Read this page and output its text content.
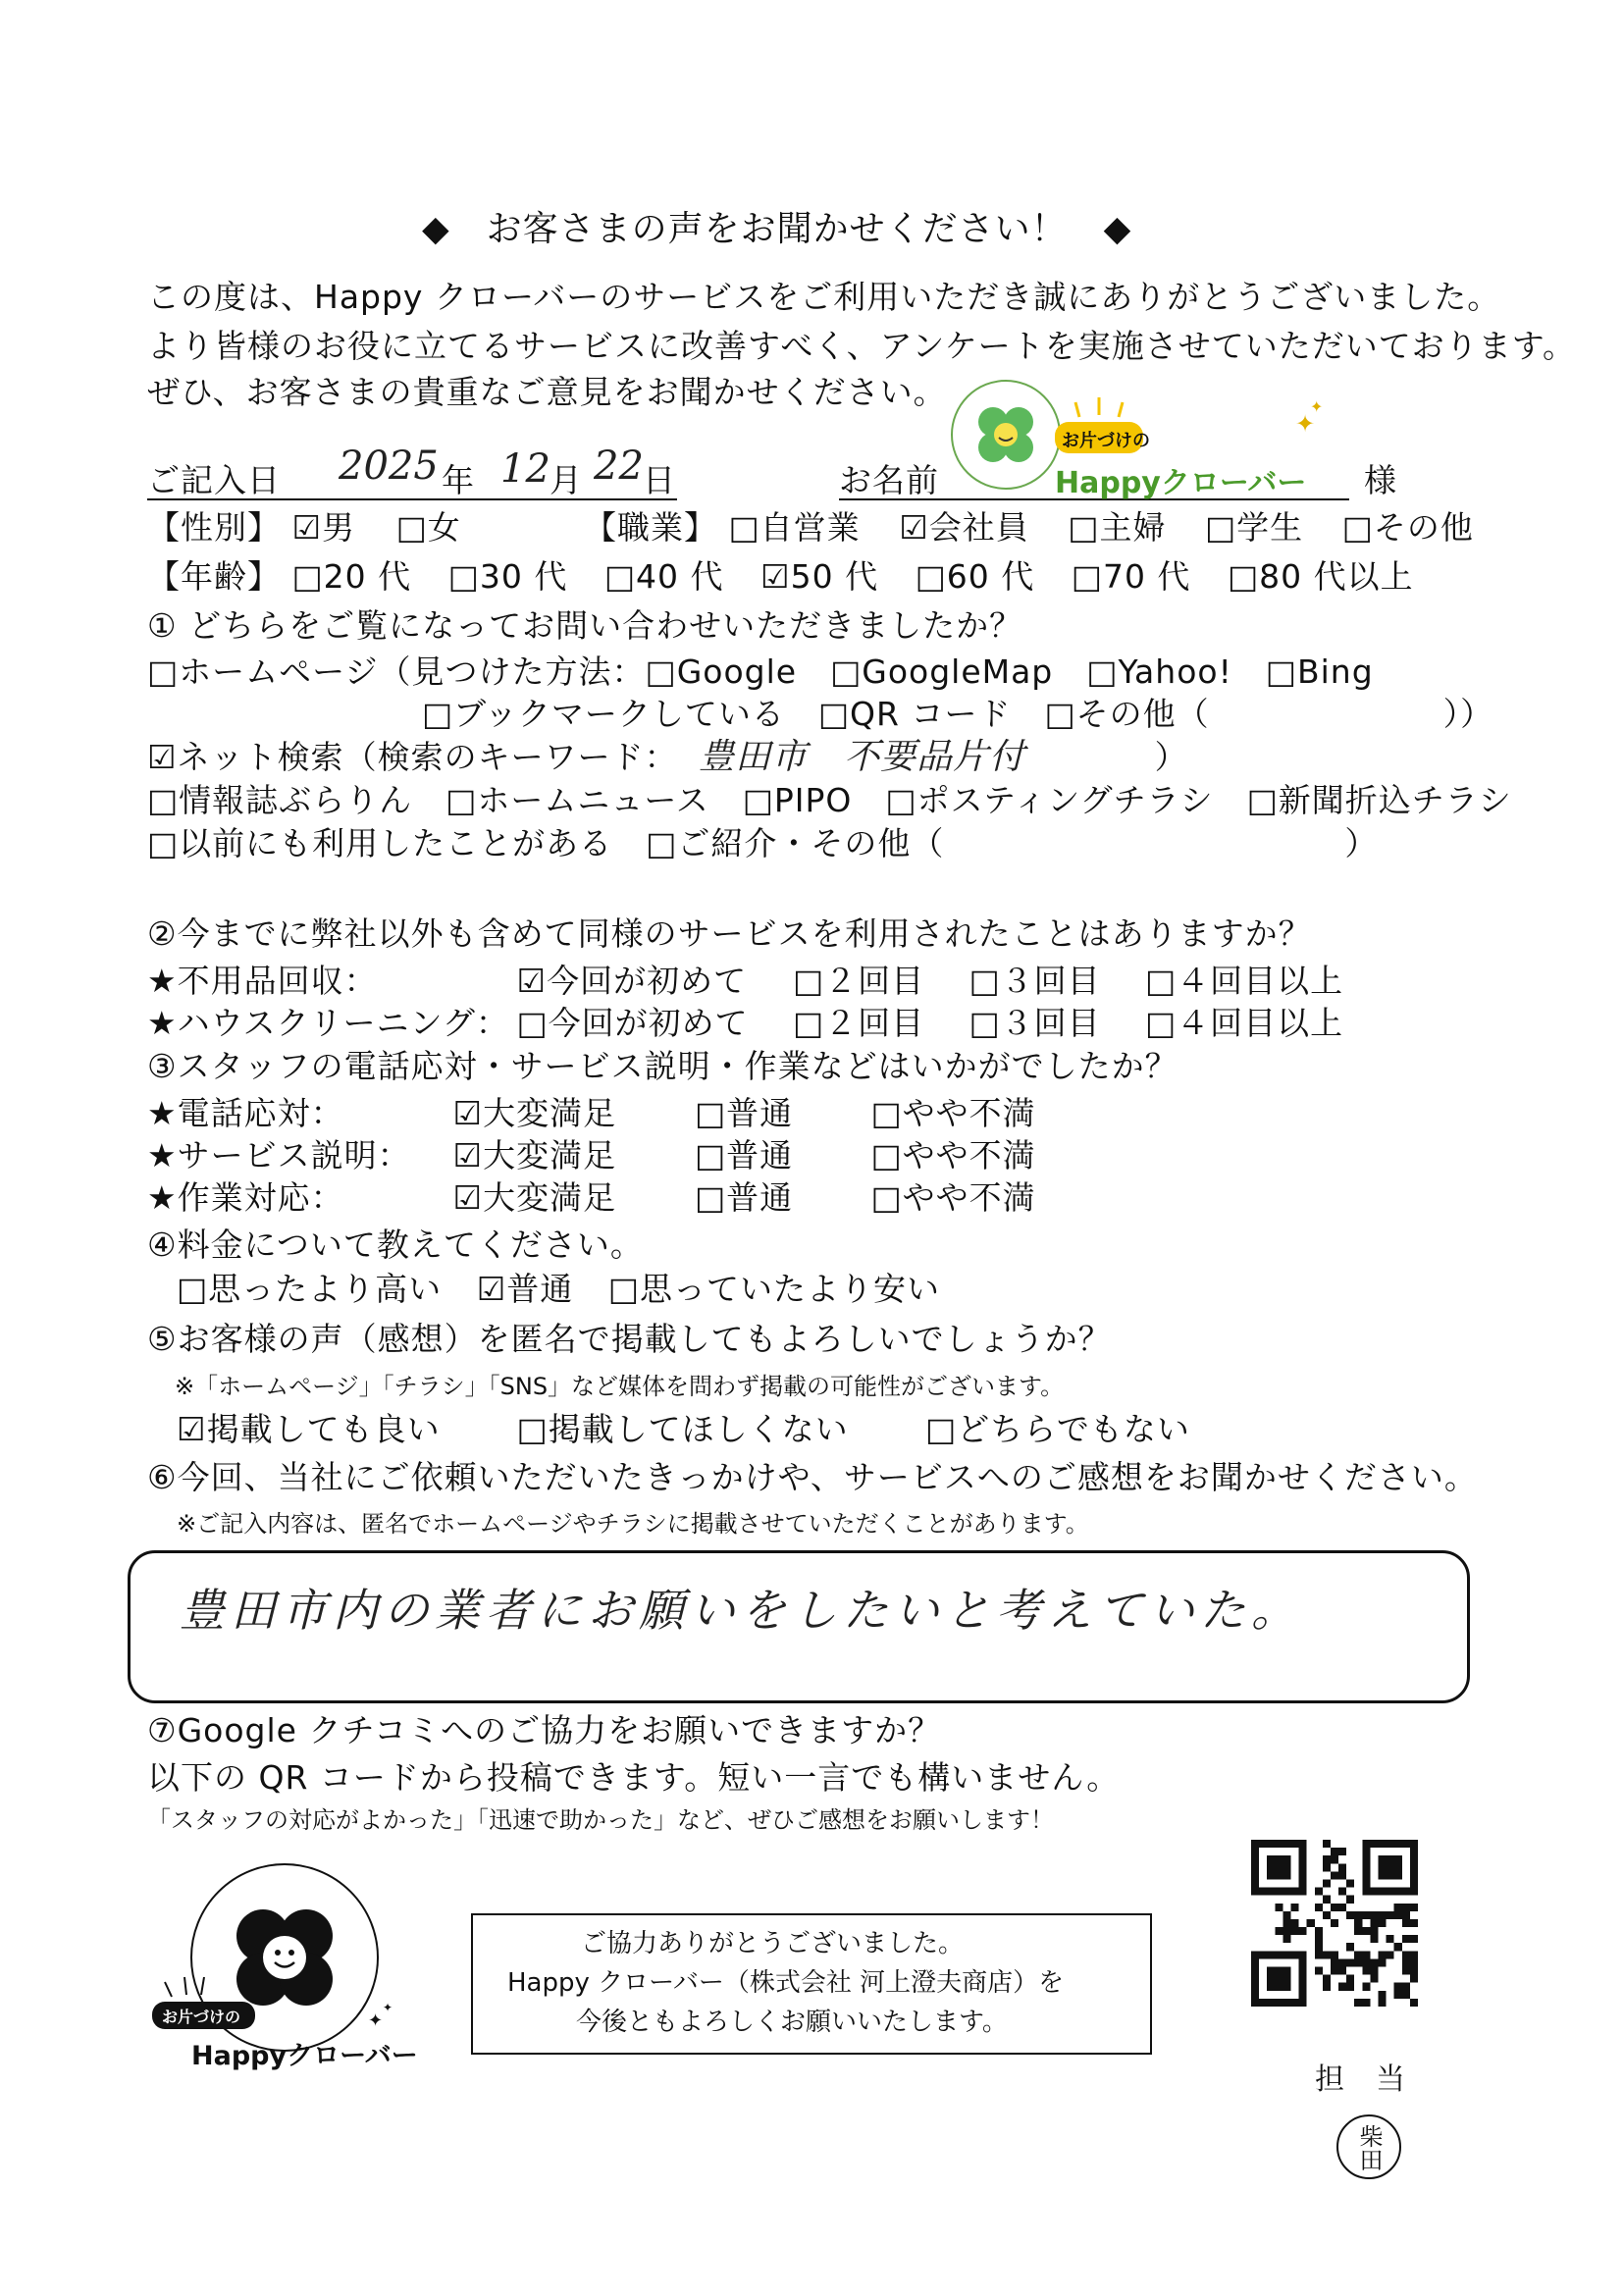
◆　お客さまの声をお聞かせください！　◆
この度は、Happy クローバーのサービスをご利用いただき誠にありがとうございました。
より皆様のお役に立てるサービスに改善すべく、アンケートを実施させていただいております。
ぜひ、お客さまの貴重なご意見をお聞かせください。
ご記入日 2025 年 12 月 22 日	お名前	様
✦
✦
お片づけの
Happyクローバー
【性別】 ☑男 □女	【職業】 □自営業 ☑会社員 □主婦 □学生 □その他
【年齢】 □20 代 □30 代 □40 代 ☑50 代 □60 代 □70 代 □80 代以上
① どちらをご覧になってお問い合わせいただきましたか？
□ホームページ（見つけた方法：□Google　□GoogleMap　□Yahoo!　□Bing
□ブックマークしている　□QR コード　□その他（　　　　　　　））
☑ネット検索（検索のキーワード： 豊田市　不要品片付	）
□情報誌ぶらりん　□ホームニュース　□PIPO　□ポスティングチラシ　□新聞折込チラシ
□以前にも利用したことがある　□ご紹介・その他（　　　　　　　　　　　　）
②今までに弊社以外も含めて同様のサービスを利用されたことはありますか？
★不用品回収：	☑今回が初めて □２回目 □３回目 □４回目以上
★ハウスクリーニング： □今回が初めて □２回目 □３回目 □４回目以上
③スタッフの電話応対・サービス説明・作業などはいかがでしたか？
★電話応対：	☑大変満足 □普通 □やや不満
★サービス説明： ☑大変満足 □普通 □やや不満
★作業対応：	☑大変満足 □普通 □やや不満
④料金について教えてください。
□思ったより高い ☑普通 □思っていたより安い
⑤お客様の声（感想）を匿名で掲載してもよろしいでしょうか？
※「ホームページ」「チラシ」「SNS」など媒体を問わず掲載の可能性がございます。
☑掲載しても良い □掲載してほしくない □どちらでもない
⑥今回、当社にご依頼いただいたきっかけや、サービスへのご感想をお聞かせください。
※ご記入内容は、匿名でホームページやチラシに掲載させていただくことがあります。
豊田市内の業者にお願いをしたいと考えていた。
⑦Google クチコミへのご協力をお願いできますか？
以下の QR コードから投稿できます。短い一言でも構いません。
「スタッフの対応がよかった」「迅速で助かった」など、ぜひご感想をお願いします！
✦
✦
お片づけの
Happyクローバー
ご協力ありがとうございました。
Happy クローバー（株式会社 河上澄夫商店）を
今後ともよろしくお願いいたします。
担　当
柴田
